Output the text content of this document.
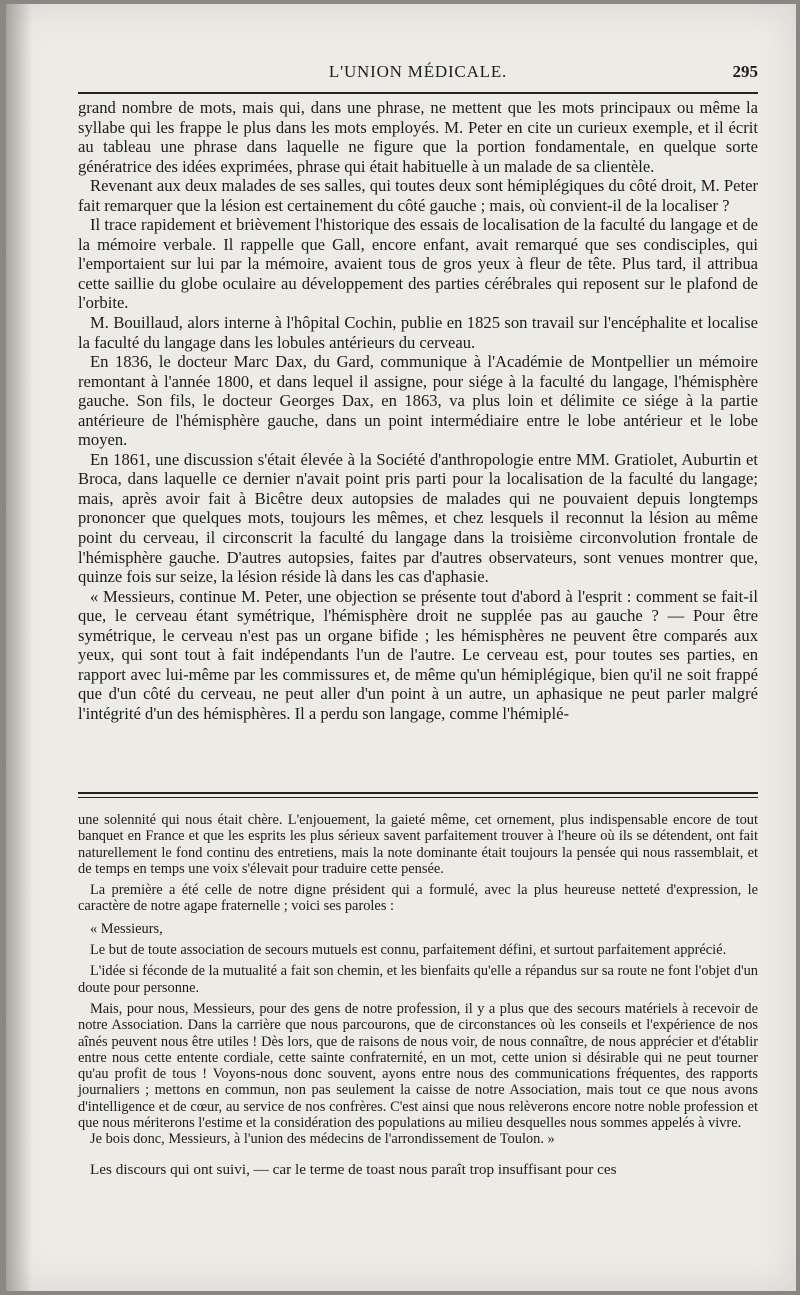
L'UNION MÉDICALE.	295

grand nombre de mots, mais qui, dans une phrase, ne mettent que les mots principaux ou même la syllabe qui les frappe le plus dans les mots employés. M. Peter en cite un curieux exemple, et il écrit au tableau une phrase dans laquelle ne figure que la portion fondamentale, en quelque sorte génératrice des idées exprimées, phrase qui était habituelle à un malade de sa clientèle.

Revenant aux deux malades de ses salles, qui toutes deux sont hémiplégiques du côté droit, M. Peter fait remarquer que la lésion est certainement du côté gauche ; mais, où convient-il de la localiser ?

Il trace rapidement et brièvement l'historique des essais de localisation de la faculté du langage et de la mémoire verbale. Il rappelle que Gall, encore enfant, avait remarqué que ses condisciples, qui l'emportaient sur lui par la mémoire, avaient tous de gros yeux à fleur de tête. Plus tard, il attribua cette saillie du globe oculaire au développement des parties cérébrales qui reposent sur le plafond de l'orbite.

M. Bouillaud, alors interne à l'hôpital Cochin, publie en 1825 son travail sur l'encéphalite et localise la faculté du langage dans les lobules antérieurs du cerveau.

En 1836, le docteur Marc Dax, du Gard, communique à l'Académie de Montpellier un mémoire remontant à l'année 1800, et dans lequel il assigne, pour siége à la faculté du langage, l'hémisphère gauche. Son fils, le docteur Georges Dax, en 1863, va plus loin et délimite ce siége à la partie antérieure de l'hémisphère gauche, dans un point intermédiaire entre le lobe antérieur et le lobe moyen.

En 1861, une discussion s'était élevée à la Société d'anthropologie entre MM. Gratiolet, Auburtin et Broca, dans laquelle ce dernier n'avait point pris parti pour la localisation de la faculté du langage; mais, après avoir fait à Bicêtre deux autopsies de malades qui ne pouvaient depuis longtemps prononcer que quelques mots, toujours les mêmes, et chez lesquels il reconnut la lésion au même point du cerveau, il circonscrit la faculté du langage dans la troisième circonvolution frontale de l'hémisphère gauche. D'autres autopsies, faites par d'autres observateurs, sont venues montrer que, quinze fois sur seize, la lésion réside là dans les cas d'aphasie.

« Messieurs, continue M. Peter, une objection se présente tout d'abord à l'esprit : comment se fait-il que, le cerveau étant symétrique, l'hémisphère droit ne supplée pas au gauche ? — Pour être symétrique, le cerveau n'est pas un organe bifide ; les hémisphères ne peuvent être comparés aux yeux, qui sont tout à fait indépendants l'un de l'autre. Le cerveau est, pour toutes ses parties, en rapport avec lui-même par les commissures et, de même qu'un hémiplégique, bien qu'il ne soit frappé que d'un côté du cerveau, ne peut aller d'un point à un autre, un aphasique ne peut parler malgré l'intégrité d'un des hémisphères. Il a perdu son langage, comme l'hémiplé-

une solennité qui nous était chère. L'enjouement, la gaieté même, cet ornement, plus indispensable encore de tout banquet en France et que les esprits les plus sérieux savent parfaitement trouver à l'heure où ils se détendent, ont fait naturellement le fond continu des entretiens, mais la note dominante était toujours la pensée qui nous rassemblait, et de temps en temps une voix s'élevait pour traduire cette pensée.

La première a été celle de notre digne président qui a formulé, avec la plus heureuse netteté d'expression, le caractère de notre agape fraternelle ; voici ses paroles :

« Messieurs,

Le but de toute association de secours mutuels est connu, parfaitement défini, et surtout parfaitement apprécié.

L'idée si féconde de la mutualité a fait son chemin, et les bienfaits qu'elle a répandus sur sa route ne font l'objet d'un doute pour personne.

Mais, pour nous, Messieurs, pour des gens de notre profession, il y a plus que des secours matériels à recevoir de notre Association. Dans la carrière que nous parcourons, que de circonstances où les conseils et l'expérience de nos aînés peuvent nous être utiles ! Dès lors, que de raisons de nous voir, de nous connaître, de nous apprécier et d'établir entre nous cette entente cordiale, cette sainte confraternité, en un mot, cette union si désirable qui ne peut tourner qu'au profit de tous ! Voyons-nous donc souvent, ayons entre nous des communications fréquentes, des rapports journaliers ; mettons en commun, non pas seulement la caisse de notre Association, mais tout ce que nous avons d'intelligence et de cœur, au service de nos confrères. C'est ainsi que nous relèverons encore notre noble profession et que nous mériterons l'estime et la considération des populations au milieu desquelles nous sommes appelés à vivre.

Je bois donc, Messieurs, à l'union des médecins de l'arrondissement de Toulon. »

Les discours qui ont suivi, — car le terme de toast nous paraît trop insuffisant pour ces
